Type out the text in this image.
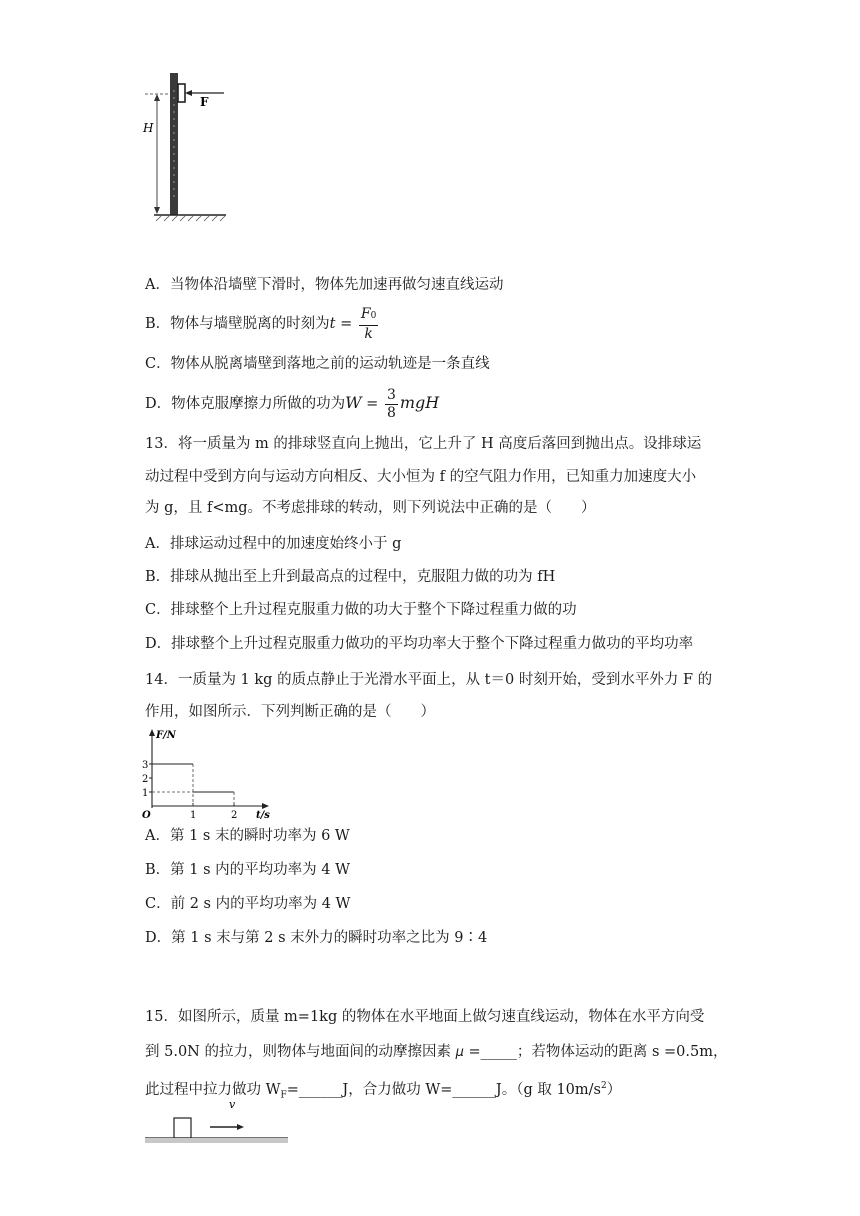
F
H
A．当物体沿墙壁下滑时，物体先加速再做匀速直线运动
B．物体与墙壁脱离的时刻为$t = \frac{F0}{k}$
C．物体从脱离墙壁到落地之前的运动轨迹是一条直线
D．物体克服摩擦力所做的功为$W = \frac{3}{8}$ mgH
13．将一质量为 m 的排球竖直向上抛出，它上升了 H 高度后落回到抛出点。设排球运
动过程中受到方向与运动方向相反、大小恒为 f 的空气阻力作用，已知重力加速度大小
为 g，且 f<mg。不考虑排球的转动，则下列说法中正确的是（　　）
A．排球运动过程中的加速度始终小于 g
B．排球从抛出至上升到最高点的过程中，克服阻力做的功为 fH
C．排球整个上升过程克服重力做的功大于整个下降过程重力做的功
D．排球整个上升过程克服重力做功的平均功率大于整个下降过程重力做功的平均功率
14．一质量为 1 kg 的质点静止于光滑水平面上，从 t＝0 时刻开始，受到水平外力 F 的
作用，如图所示．下列判断正确的是（　　）
F/N
t/s
O
1
2
3
1	2
A．第 1 s 末的瞬时功率为 6 W
B．第 1 s 内的平均功率为 4 W
C．前 2 s 内的平均功率为 4 W
D．第 1 s 末与第 2 s 末外力的瞬时功率之比为 9∶4
15．如图所示，质量 m=1kg 的物体在水平地面上做匀速直线运动，物体在水平方向受
到 5.0N 的拉力，则物体与地面间的动摩擦因素 μ =_____；若物体运动的距离 s =0.5m，
此过程中拉力做功 $W_F=\_\_\_\_\_\_J$，合力做功 W=______J。（g 取 $10m/s^2$）
v
